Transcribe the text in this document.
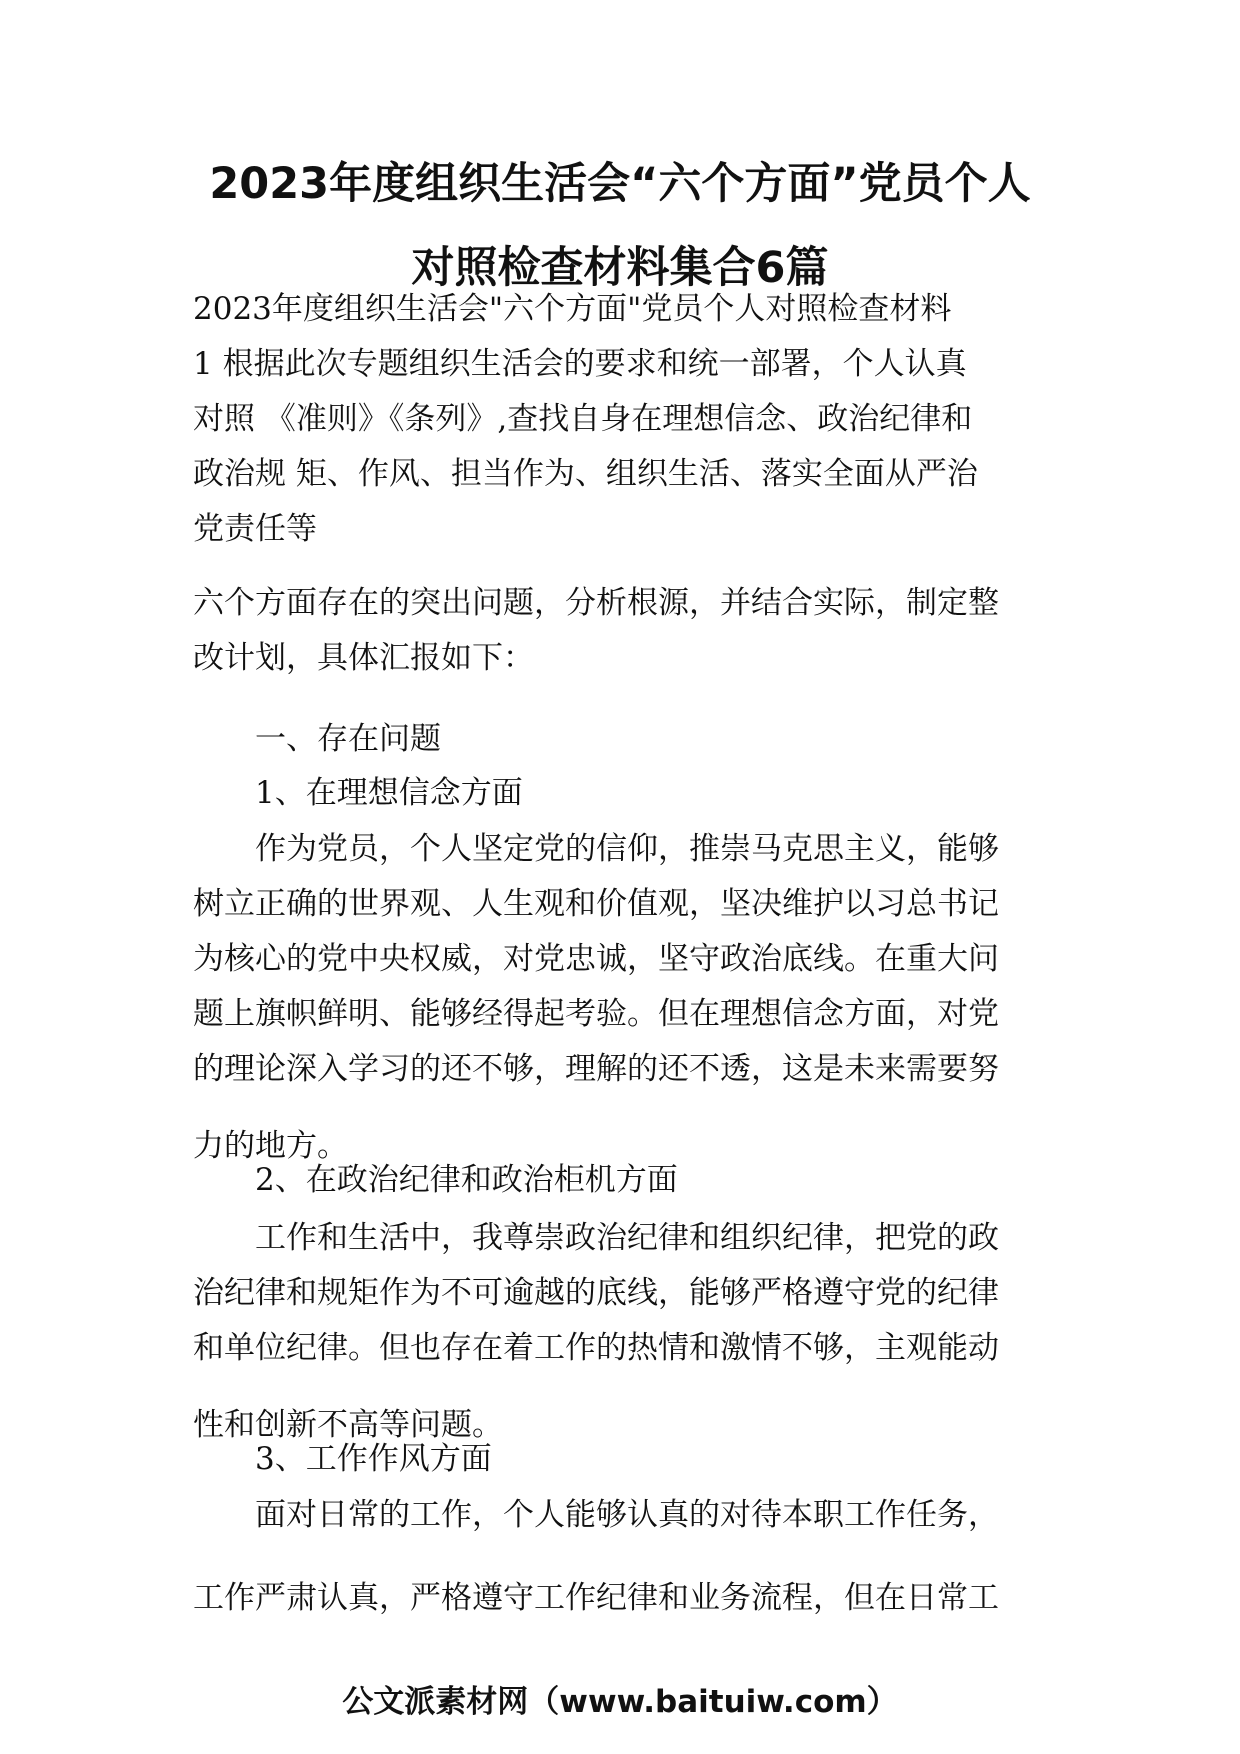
2023年度组织生活会“六个方面”党员个人
对照检查材料集合6篇
2023年度组织生活会"六个方面"党员个人对照检查材料
1 根据此次专题组织生活会的要求和统一部署，个人认真
对照 《准则》《条列》,查找自身在理想信念、政治纪律和
政治规 矩、作风、担当作为、组织生活、落实全面从严治
党责任等
六个方面存在的突出问题，分析根源，并结合实际，制定整
改计划，具体汇报如下：
一、存在问题
1、在理想信念方面
作为党员，个人坚定党的信仰，推崇马克思主义，能够
树立正确的世界观、人生观和价值观，坚决维护以习总书记
为核心的党中央权威，对党忠诚，坚守政治底线。在重大问
题上旗帜鲜明、能够经得起考验。但在理想信念方面，对党
的理论深入学习的还不够，理解的还不透，这是未来需要努
力的地方。
2、在政治纪律和政治柜机方面
工作和生活中，我尊崇政治纪律和组织纪律，把党的政
治纪律和规矩作为不可逾越的底线，能够严格遵守党的纪律
和单位纪律。但也存在着工作的热情和激情不够，主观能动
性和创新不高等问题。
3、工作作风方面
面对日常的工作，个人能够认真的对待本职工作任务，
工作严肃认真，严格遵守工作纪律和业务流程，但在日常工
公文派素材网（www.baituiw.com）
